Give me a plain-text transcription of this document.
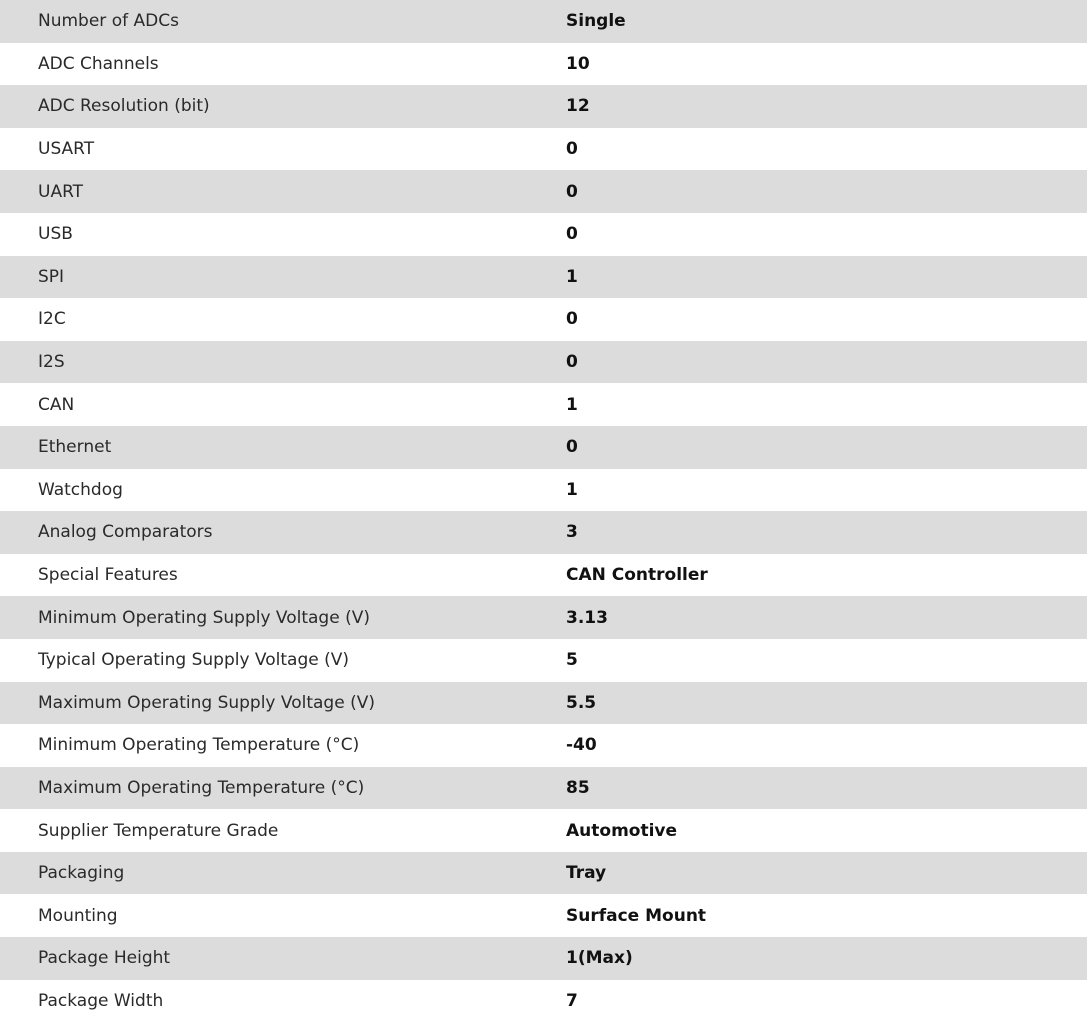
Number of ADCs	Single
ADC Channels	10
ADC Resolution (bit)	12
USART	0
UART	0
USB	0
SPI	1
I2C	0
I2S	0
CAN	1
Ethernet	0
Watchdog	1
Analog Comparators	3
Special Features	CAN Controller
Minimum Operating Supply Voltage (V)	3.13
Typical Operating Supply Voltage (V)	5
Maximum Operating Supply Voltage (V)	5.5
Minimum Operating Temperature (°C)	-40
Maximum Operating Temperature (°C)	85
Supplier Temperature Grade	Automotive
Packaging	Tray
Mounting	Surface Mount
Package Height	1(Max)
Package Width	7
